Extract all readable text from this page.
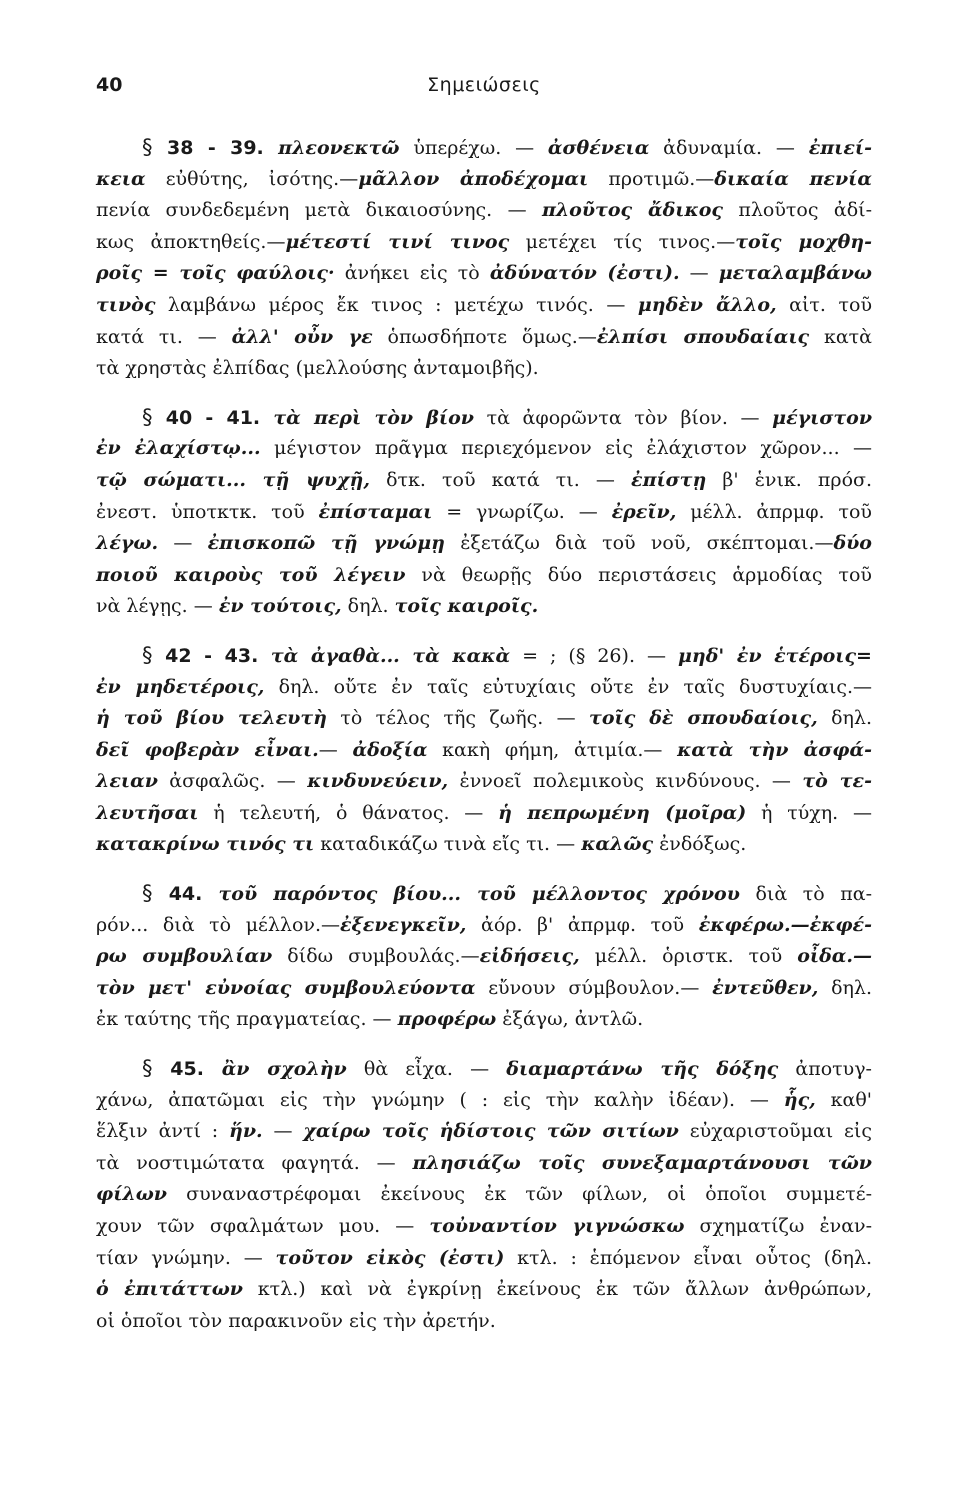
40	Σημειώσεις
§ 38 - 39. πλεονεκτῶ ὑπερέχω. — ἀσθένεια ἀδυναμία. — ἐπιεί-
κεια εὐθύτης, ἰσότης.—μᾶλλον ἀποδέχομαι προτιμῶ.—δικαία πενία
πενία συνδεδεμένη μετὰ δικαιοσύνης. — πλοῦτος ἄδικος πλοῦτος ἀδί-
κως ἀποκτηθείς.—μέτεστί τινί τινος μετέχει τίς τινος.—τοῖς μοχθη-
ροῖς = τοῖς φαύλοις· ἀνήκει εἰς τὸ ἀδύνατόν (ἐστι). — μεταλαμβάνω
τινὸς λαμβάνω μέρος ἔκ τινος : μετέχω τινός. — μηδὲν ἄλλο, αἰτ. τοῦ
κατά τι. — ἀλλ' οὖν γε ὁπωσδήποτε ὅμως.—ἐλπίσι σπουδαίαις κατὰ
τὰ χρηστὰς ἐλπίδας (μελλούσης ἀνταμοιβῆς).
§ 40 - 41. τὰ περὶ τὸν βίον τὰ ἀφορῶντα τὸν βίον. — μέγιστον
ἐν ἐλαχίστῳ... μέγιστον πρᾶγμα περιεχόμενον εἰς ἐλάχιστον χῶρον... —
τῷ σώματι... τῇ ψυχῇ, δτκ. τοῦ κατά τι. — ἐπίστῃ β' ἑνικ. πρόσ.
ἐνεστ. ὑποτκτκ. τοῦ ἐπίσταμαι = γνωρίζω. — ἐρεῖν, μέλλ. ἀπρμφ. τοῦ
λέγω. — ἐπισκοπῶ τῇ γνώμῃ ἐξετάζω διὰ τοῦ νοῦ, σκέπτομαι.—δύο
ποιοῦ καιροὺς τοῦ λέγειν νὰ θεωρῇς δύο περιστάσεις ἁρμοδίας τοῦ
νὰ λέγῃς. — ἐν τούτοις, δηλ. τοῖς καιροῖς.
§ 42 - 43. τὰ ἀγαθὰ... τὰ κακὰ = ; (§ 26). — μηδ' ἐν ἑτέροις=
ἐν μηδετέροις, δηλ. οὔτε ἐν ταῖς εὐτυχίαις οὔτε ἐν ταῖς δυστυχίαις.—
ἡ τοῦ βίου τελευτὴ τὸ τέλος τῆς ζωῆς. — τοῖς δὲ σπουδαίοις, δηλ.
δεῖ φοβερὰν εἶναι.— ἀδοξία κακὴ φήμη, ἀτιμία.— κατὰ τὴν ἀσφά-
λειαν ἀσφαλῶς. — κινδυνεύειν, ἐννοεῖ πολεμικοὺς κινδύνους. — τὸ τε-
λευτῆσαι ἡ τελευτή, ὁ θάνατος. — ἡ πεπρωμένη (μοῖρα) ἡ τύχη. —
κατακρίνω τινός τι καταδικάζω τινὰ εἴς τι. — καλῶς ἐνδόξως.
§ 44. τοῦ παρόντος βίου... τοῦ μέλλοντος χρόνου διὰ τὸ πα-
ρόν... διὰ τὸ μέλλον.—ἐξενεγκεῖν, ἀόρ. β' ἀπρμφ. τοῦ ἐκφέρω.—ἐκφέ-
ρω συμβουλίαν δίδω συμβουλάς.—εἰδήσεις, μέλλ. ὁριστκ. τοῦ οἶδα.—
τὸν μετ' εὐνοίας συμβουλεύοντα εὔνουν σύμβουλον.— ἐντεῦθεν, δηλ.
ἐκ ταύτης τῆς πραγματείας. — προφέρω ἐξάγω, ἀντλῶ.
§ 45. ἂν σχολὴν θὰ εἶχα. — διαμαρτάνω τῆς δόξης ἀποτυγ-
χάνω, ἀπατῶμαι εἰς τὴν γνώμην ( : εἰς τὴν καλὴν ἰδέαν). — ἧς, καθ'
ἕλξιν ἀντί : ἥν. — χαίρω τοῖς ἡδίστοις τῶν σιτίων εὐχαριστοῦμαι εἰς
τὰ νοστιμώτατα φαγητά. — πλησιάζω τοῖς συνεξαμαρτάνουσι τῶν
φίλων συναναστρέφομαι ἐκείνους ἐκ τῶν φίλων, οἱ ὁποῖοι συμμετέ-
χουν τῶν σφαλμάτων μου. — τοὐναντίον γιγνώσκω σχηματίζω ἐναν-
τίαν γνώμην. — τοῦτον εἰκὸς (ἐστι) κτλ. : ἑπόμενον εἶναι οὗτος (δηλ.
ὁ ἐπιτάττων κτλ.) καὶ νὰ ἐγκρίνῃ ἐκείνους ἐκ τῶν ἄλλων ἀνθρώπων,
οἱ ὁποῖοι τὸν παρακινοῦν εἰς τὴν ἀρετήν.
